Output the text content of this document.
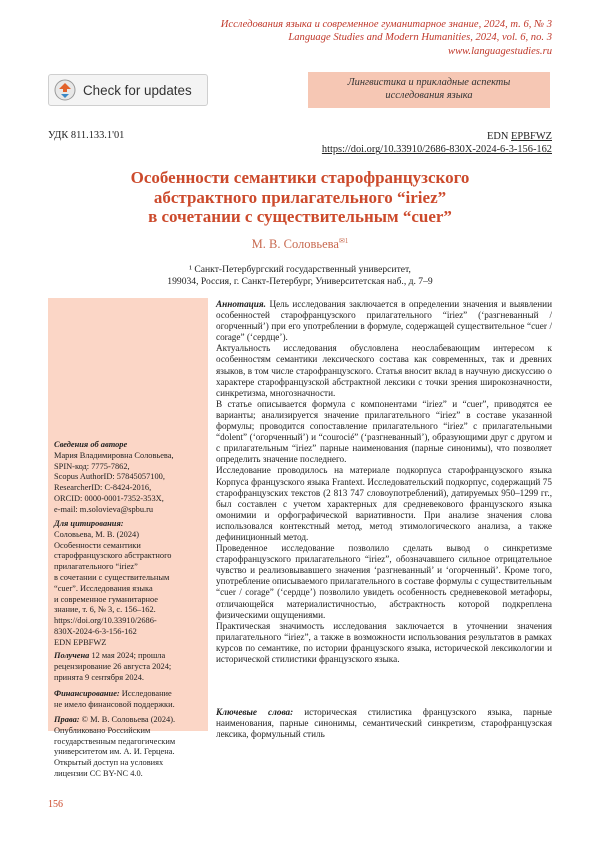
Исследования языка и современное гуманитарное знание, 2024, т. 6, № 3
Language Studies and Modern Humanities, 2024, vol. 6, no. 3
www.languagestudies.ru
Check for updates	Лингвистика и прикладные аспекты
исследования языка
УДК 811.133.1'01	EDN EPBFWZ
https://doi.org/10.33910/2686-830X-2024-6-3-156-162
Особенности семантики старофранцузского
абстрактного прилагательного “iriez”
в сочетании с существительным “cuer”
М. В. Соловьева$^{✉1}$
¹ Санкт-Петербургский государственный университет,
199034, Россия, г. Санкт-Петербург, Университетская наб., д. 7–9
Сведения об авторе
Мария Владимировна Соловьева,
SPIN-код: 7775-7862,
Scopus AuthorID: 57845057100,
ResearcherID: C-8424-2016,
ORCID: 0000-0001-7352-353X,
e-mail: m.solovieva@spbu.ru
Для цитирования:
Соловьева, М. В. (2024)
Особенности семантики
старофранцузского абстрактного
прилагательного “iriez”
в сочетании с существительным
“cuer”. Исследования языка
и современное гуманитарное
знание, т. 6, № 3, с. 156–162.
https://doi.org/10.33910/2686-
830X-2024-6-3-156-162
EDN EPBFWZ
Получена 12 мая 2024; прошла
рецензирование 26 августа 2024;
принята 9 сентября 2024.
Финансирование: Исследование
не имело финансовой поддержки.
Права: © М. В. Соловьева (2024).
Опубликовано Российским
государственным педагогическим
университетом им. А. И. Герцена.
Открытый доступ на условиях
лицензии CC BY-NC 4.0.

Аннотация. Цель исследования заключается в определении значения и выявлении особенностей старофранцузского прилагательного “iriez” (‘разгневанный / огорченный’) при его употреблении в формуле, содержащей существительное “cuer / corage” (‘сердце’).

Актуальность исследования обусловлена неослабевающим интересом к особенностям семантики лексического состава как современных, так и древних языков, в том числе старофранцузского. Статья вносит вклад в научную дискуссию о характере старофранцузской абстрактной лексики с точки зрения широкозначности, синкретизма, многозначности.

В статье описывается формула с компонентами “iriez” и “cuer”, приводятся ее варианты; анализируется значение прилагательного “iriez” в составе указанной формулы; проводится сопоставление прилагательного “iriez” с прилагательными “dolent” (‘огорченный’) и “courocié” (‘разгневанный’), образующими друг с другом и с прилагательным “iriez” парные наименования (парные синонимы), что позволяет определить значение последнего.

Исследование проводилось на материале подкорпуса старофранцузского языка Корпуса французского языка Frantext. Исследовательский подкорпус, содержащий 75 старофранцузских текстов (2 813 747 словоупотреблений), датируемых 950–1299 гг., был составлен с учетом характерных для средневекового французского языка омонимии и орфографической вариативности. При анализе значения слова использовался контекстный метод, метод этимологического анализа, а также дефиниционный метод.

Проведенное исследование позволило сделать вывод о синкретизме старофранцузского прилагательного “iriez”, обозначавшего сильное отрицательное чувство и реализовывавшего значения ‘разгневанный’ и ‘огорченный’. Кроме того, употребление описываемого прилагательного в составе формулы с существительным “cuer / corage” (‘сердце’) позволило увидеть особенность средневековой метафоры, отличающейся материалистичностью, абстрактность которой подкреплена физическими ощущениями.

Практическая значимость исследования заключается в уточнении значения прилагательного “iriez”, а также в возможности использования результатов в рамках курсов по семантике, по истории французского языка, исторической лексикологии и исторической стилистики французского языка.

Ключевые слова: историческая стилистика французского языка, парные наименования, парные синонимы, семантический синкретизм, старофранцузская лексика, формульный стиль

156
